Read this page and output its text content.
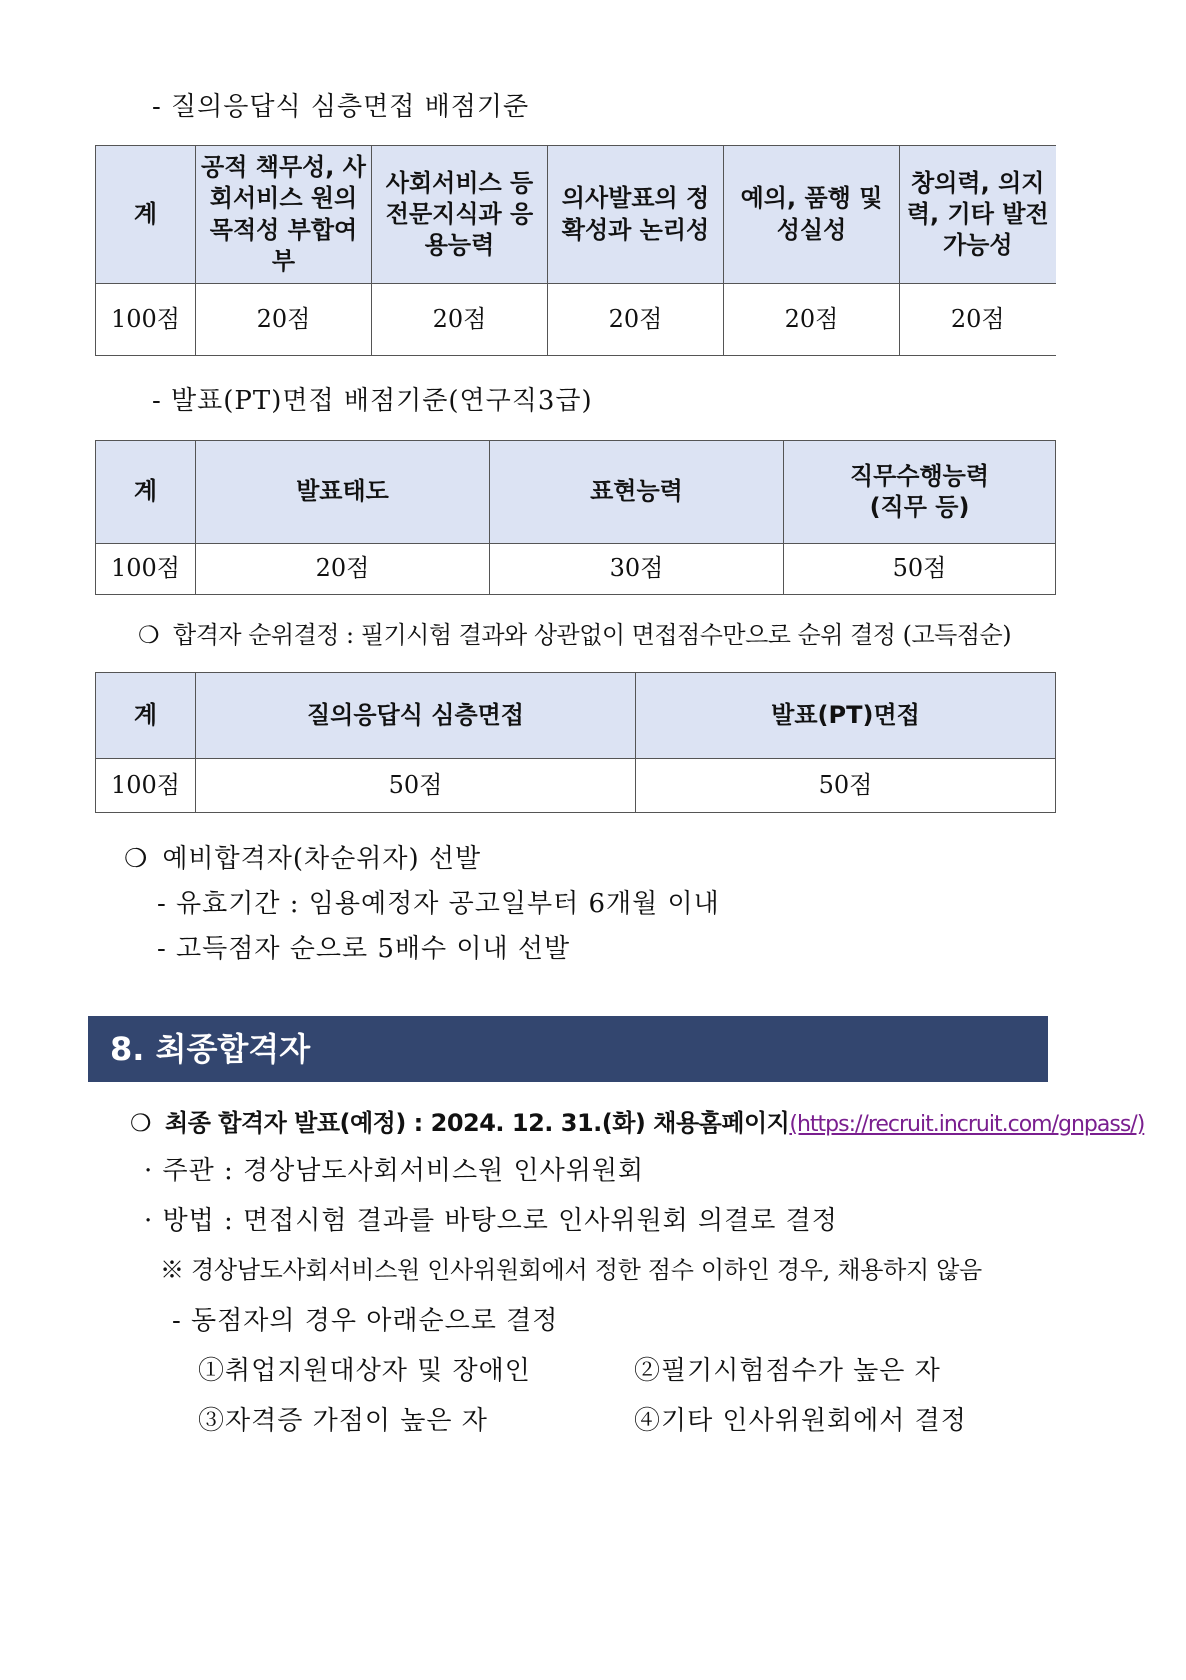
- 질의응답식 심층면접 배점기준
계	공적 책무성, 사회서비스 원의 목적성 부합여부	사회서비스 등 전문지식과 응용능력	의사발표의 정확성과 논리성	예의, 품행 및 성실성	창의력, 의지력, 기타 발전 가능성
100점	20점	20점	20점	20점	20점
- 발표(PT)면접 배점기준(연구직3급)
계	발표태도	표현능력	직무수행능력 (직무 등)
100점	20점	30점	50점
❍ 합격자 순위결정 : 필기시험 결과와 상관없이 면접점수만으로 순위 결정 (고득점순)
계	질의응답식 심층면접	발표(PT)면접
100점	50점	50점
❍ 예비합격자(차순위자) 선발
- 유효기간 : 임용예정자 공고일부터 6개월 이내
- 고득점자 순으로 5배수 이내 선발
8. 최종합격자
❍ 최종 합격자 발표(예정) : 2024. 12. 31.(화) 채용홈페이지(https://recruit.incruit.com/gnpass/)
· 주관 : 경상남도사회서비스원 인사위원회
· 방법 : 면접시험 결과를 바탕으로 인사위원회 의결로 결정
※ 경상남도사회서비스원 인사위원회에서 정한 점수 이하인 경우, 채용하지 않음
- 동점자의 경우 아래순으로 결정
①취업지원대상자 및 장애인	②필기시험점수가 높은 자
③자격증 가점이 높은 자	④기타 인사위원회에서 결정
